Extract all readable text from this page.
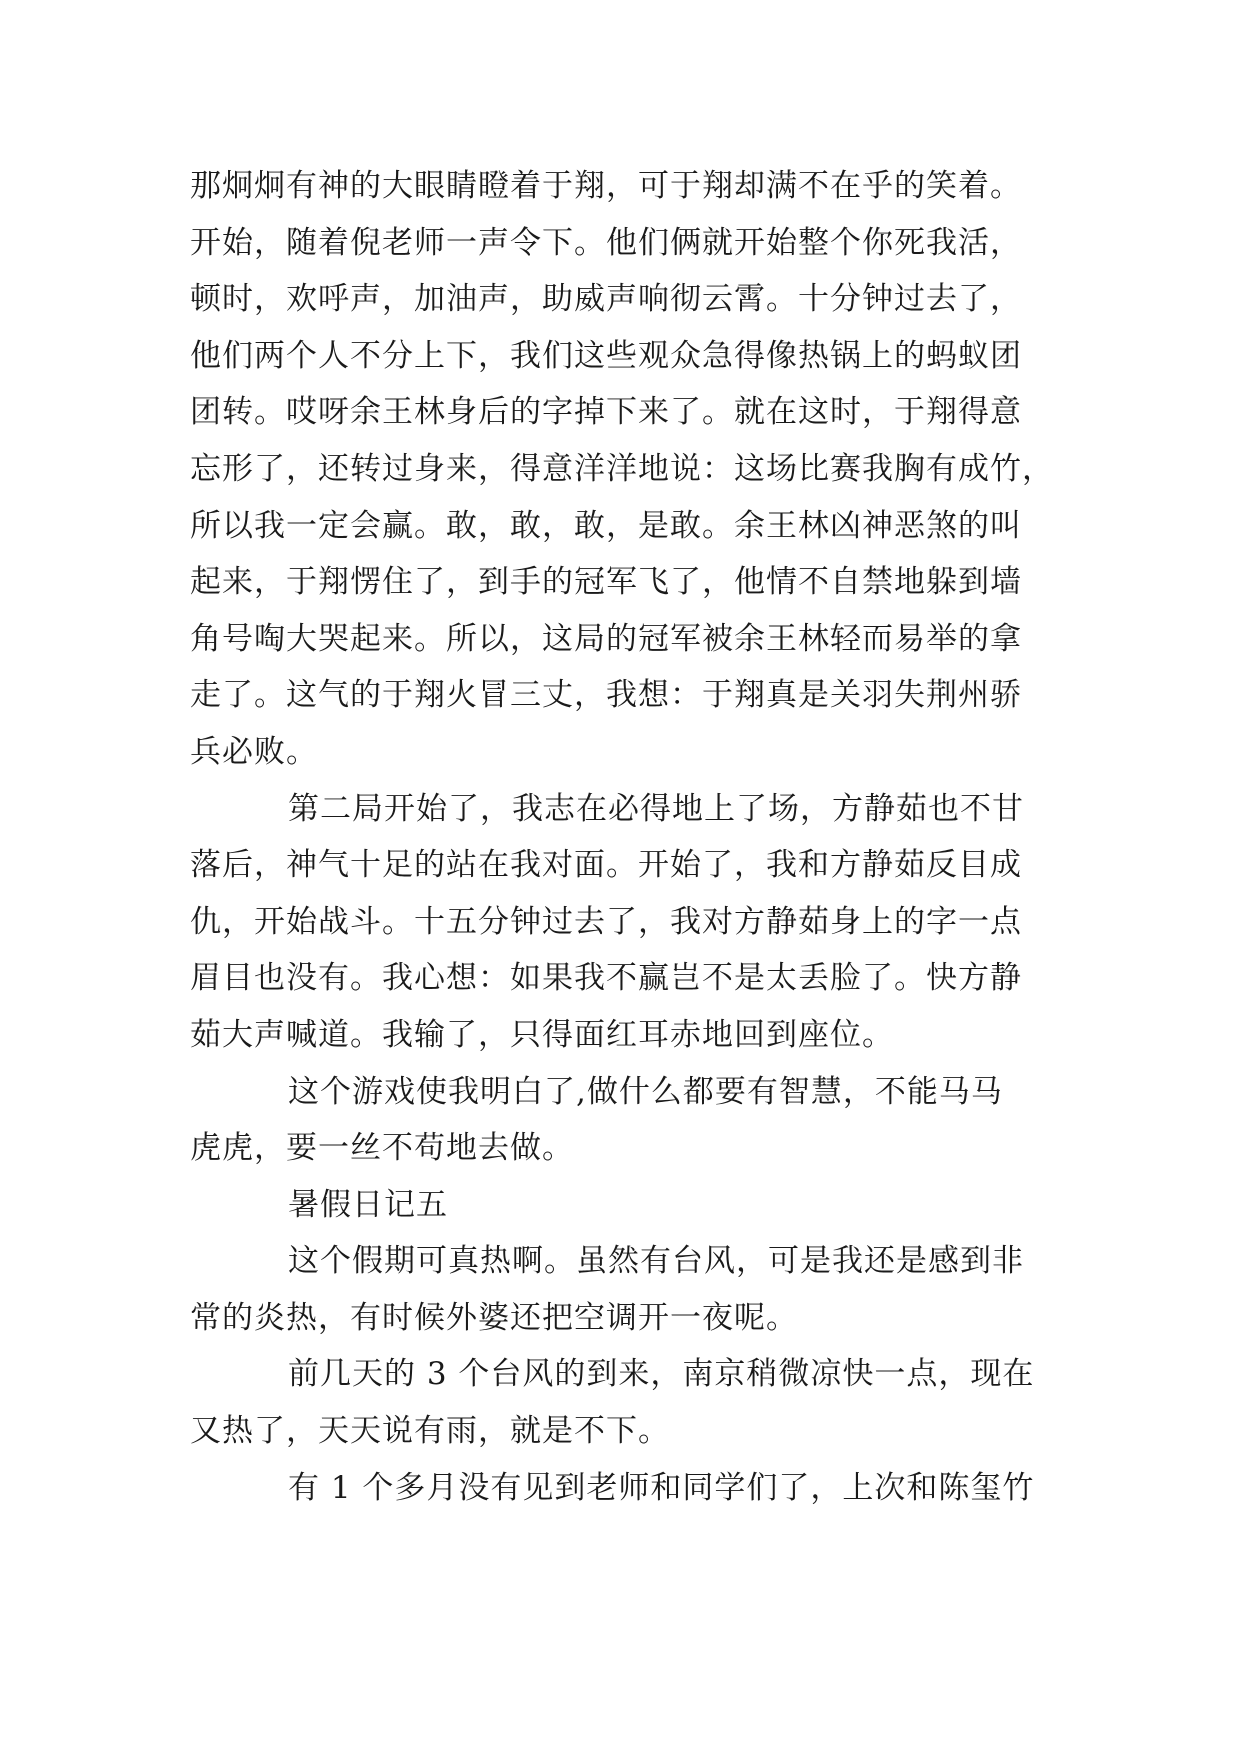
那炯炯有神的大眼睛瞪着于翔，可于翔却满不在乎的笑着。
开始，随着倪老师一声令下。他们俩就开始整个你死我活，
顿时，欢呼声，加油声，助威声响彻云霄。十分钟过去了，
他们两个人不分上下，我们这些观众急得像热锅上的蚂蚁团
团转。哎呀余王林身后的字掉下来了。就在这时，于翔得意
忘形了，还转过身来，得意洋洋地说：这场比赛我胸有成竹，
所以我一定会赢。敢，敢，敢，是敢。余王林凶神恶煞的叫
起来，于翔愣住了，到手的冠军飞了，他情不自禁地躲到墙
角号啕大哭起来。所以，这局的冠军被余王林轻而易举的拿
走了。这气的于翔火冒三丈，我想：于翔真是关羽失荆州骄
兵必败。
第二局开始了，我志在必得地上了场，方静茹也不甘
落后，神气十足的站在我对面。开始了，我和方静茹反目成
仇，开始战斗。十五分钟过去了，我对方静茹身上的字一点
眉目也没有。我心想：如果我不赢岂不是太丢脸了。快方静
茹大声喊道。我输了，只得面红耳赤地回到座位。
这个游戏使我明白了,做什么都要有智慧，不能马马
虎虎，要一丝不苟地去做。
暑假日记五
这个假期可真热啊。虽然有台风，可是我还是感到非
常的炎热，有时候外婆还把空调开一夜呢。
前几天的 3 个台风的到来，南京稍微凉快一点，现在
又热了，天天说有雨，就是不下。
有 1 个多月没有见到老师和同学们了，上次和陈玺竹
